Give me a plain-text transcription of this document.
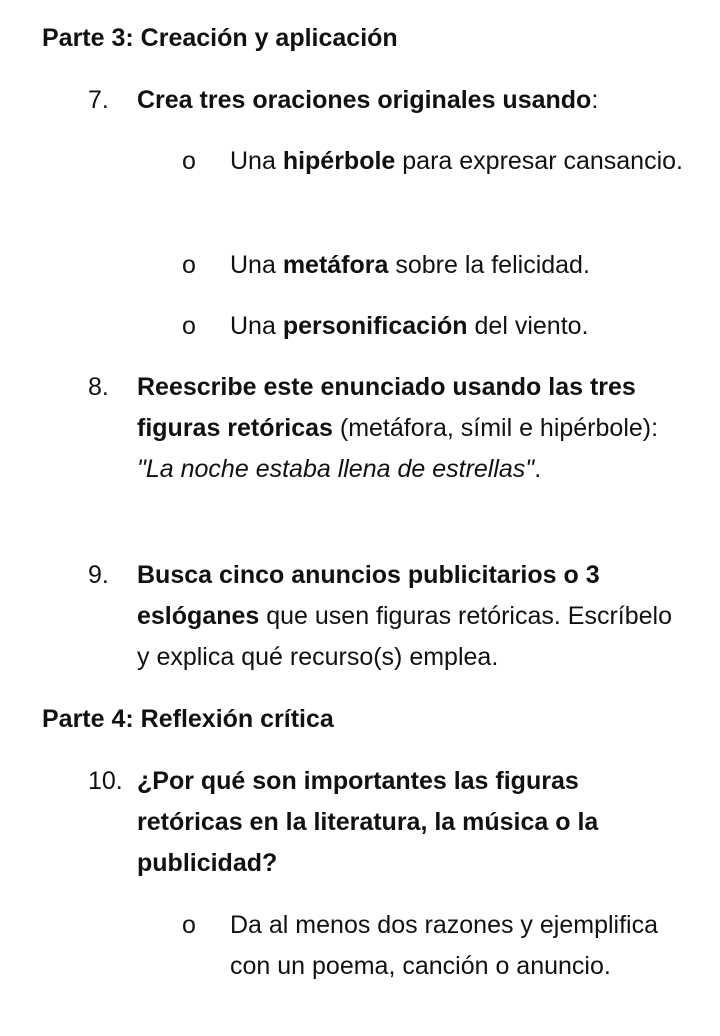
Parte 3: Creación y aplicación
7. Crea tres oraciones originales usando:
o Una hipérbole para expresar cansancio.
o Una metáfora sobre la felicidad.
o Una personificación del viento.
8. Reescribe este enunciado usando las tres figuras retóricas (metáfora, símil e hipérbole):
"La noche estaba llena de estrellas".
9. Busca cinco anuncios publicitarios o 3 eslóganes que usen figuras retóricas. Escríbelo y explica qué recurso(s) emplea.
Parte 4: Reflexión crítica
10. ¿Por qué son importantes las figuras retóricas en la literatura, la música o la publicidad?
o Da al menos dos razones y ejemplifica con un poema, canción o anuncio.
